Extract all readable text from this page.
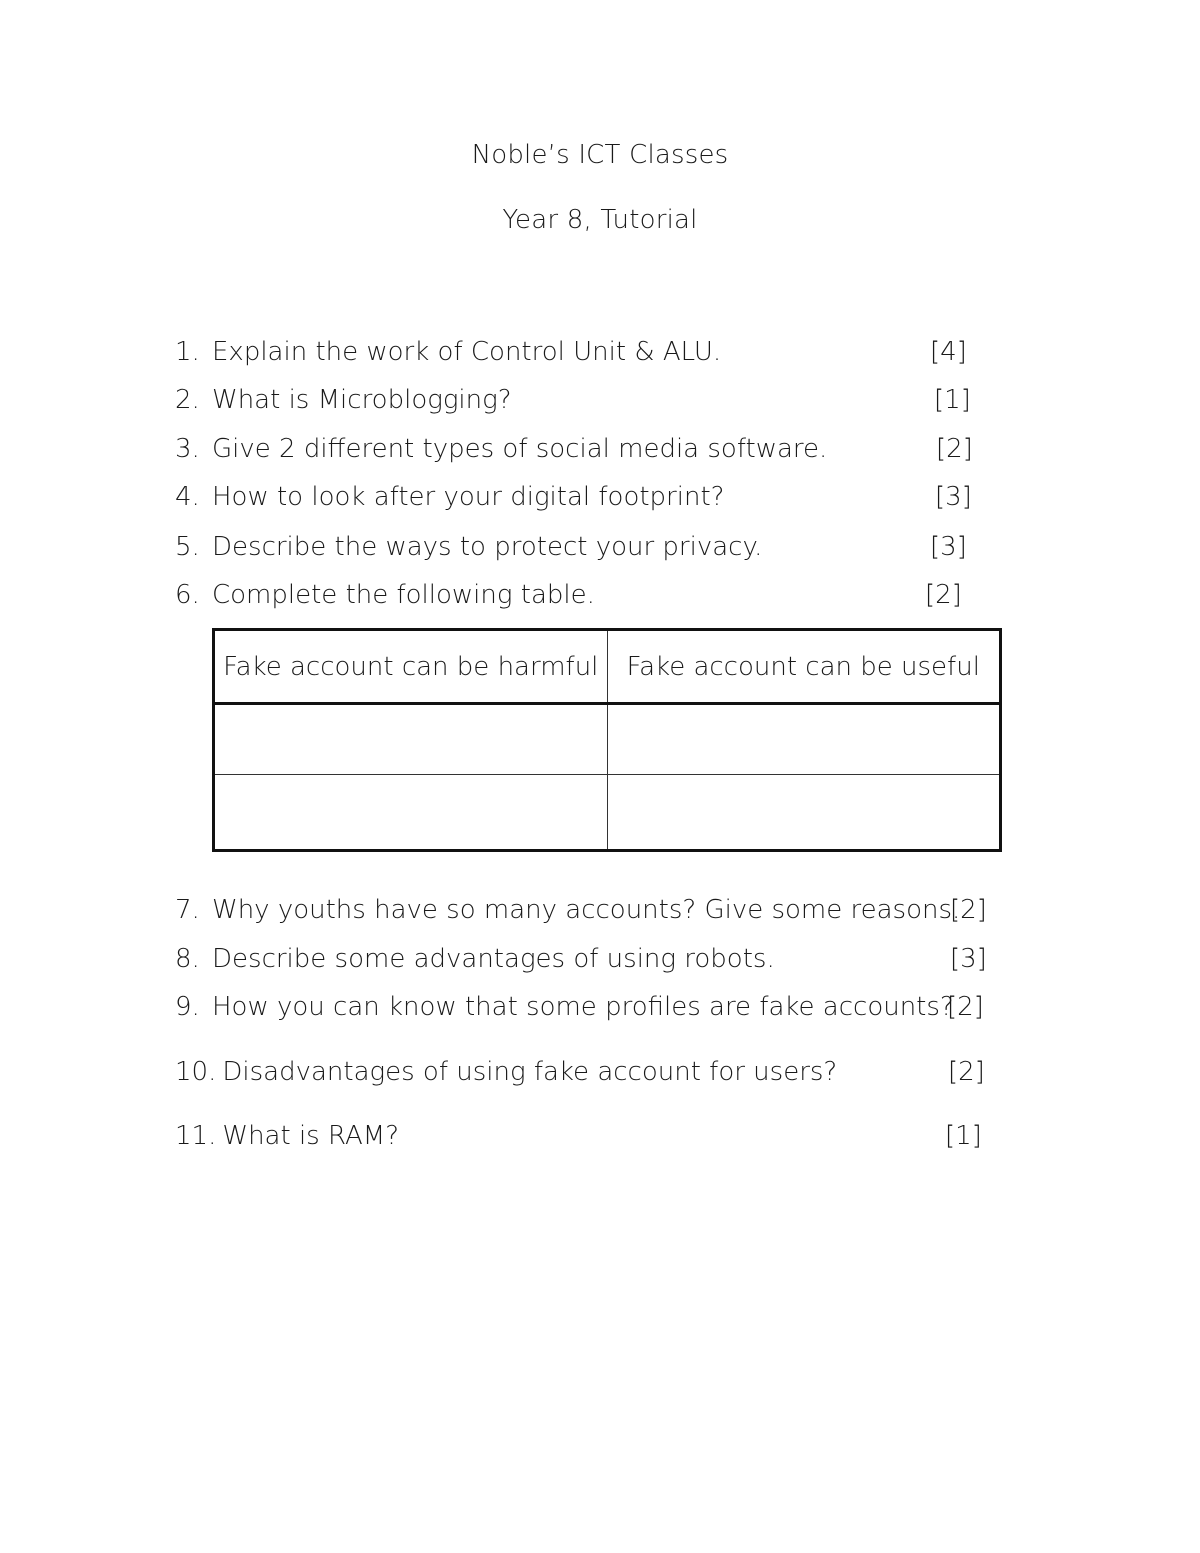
Noble’s ICT Classes
Year 8, Tutorial
1. Explain the work of Control Unit & ALU.	[4]
2. What is Microblogging?	[1]
3. Give 2 different types of social media software.	[2]
4. How to look after your digital footprint?	[3]
5. Describe the ways to protect your privacy.	[3]
6. Complete the following table.	[2]
Fake account can be harmful	Fake account can be useful

7. Why youths have so many accounts? Give some reasons.
[2]
8. Describe some advantages of using robots.	[3]
9. How you can know that some profiles are fake accounts?
[2]
10. Disadvantages of using fake account for users?	[2]
11. What is RAM?	[1]
